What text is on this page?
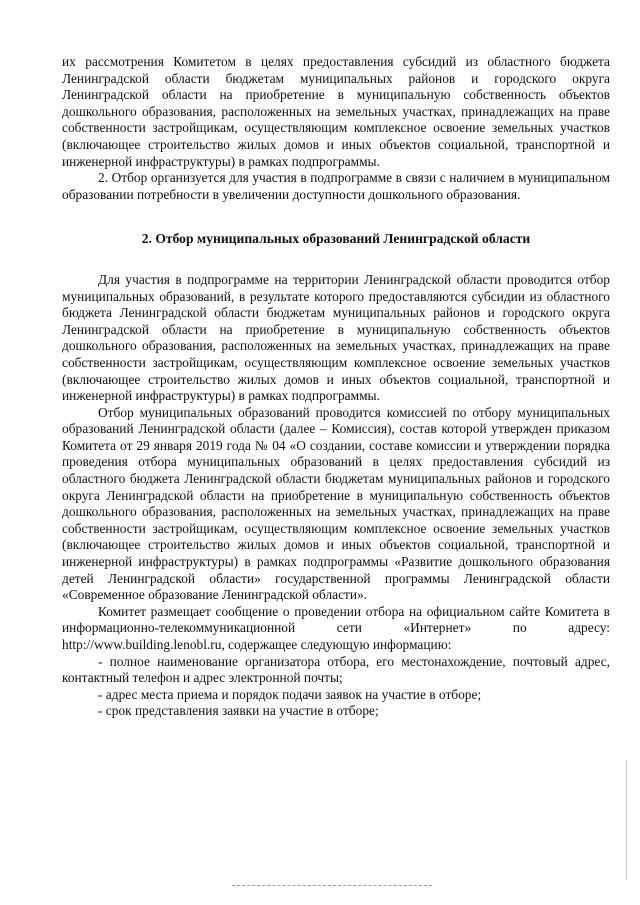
их рассмотрения Комитетом в целях предоставления субсидий из областного бюджета Ленинградской области бюджетам муниципальных районов и городского округа Ленинградской области на приобретение в муниципальную собственность объектов дошкольного образования, расположенных на земельных участках, принадлежащих на праве собственности застройщикам, осуществляющим комплексное освоение земельных участков (включающее строительство жилых домов и иных объектов социальной, транспортной и инженерной инфраструктуры) в рамках подпрограммы.

2. Отбор организуется для участия в подпрограмме в связи с наличием в муниципальном образовании потребности в увеличении доступности дошкольного образования.

2. Отбор муниципальных образований Ленинградской области

Для участия в подпрограмме на территории Ленинградской области проводится отбор муниципальных образований, в результате которого предоставляются субсидии из областного бюджета Ленинградской области бюджетам муниципальных районов и городского округа Ленинградской области на приобретение в муниципальную собственность объектов дошкольного образования, расположенных на земельных участках, принадлежащих на праве собственности застройщикам, осуществляющим комплексное освоение земельных участков (включающее строительство жилых домов и иных объектов социальной, транспортной и инженерной инфраструктуры) в рамках подпрограммы.

Отбор муниципальных образований проводится комиссией по отбору муниципальных образований Ленинградской области (далее – Комиссия), состав которой утвержден приказом Комитета от 29 января 2019 года № 04 «О создании, составе комиссии и утверждении порядка проведения отбора муниципальных образований в целях предоставления субсидий из областного бюджета Ленинградской области бюджетам муниципальных районов и городского округа Ленинградской области на приобретение в муниципальную собственность объектов дошкольного образования, расположенных на земельных участках, принадлежащих на праве собственности застройщикам, осуществляющим комплексное освоение земельных участков (включающее строительство жилых домов и иных объектов социальной, транспортной и инженерной инфраструктуры) в рамках подпрограммы «Развитие дошкольного образования детей Ленинградской области» государственной программы Ленинградской области «Современное образование Ленинградской области».

Комитет размещает сообщение о проведении отбора на официальном сайте Комитета в информационно-телекоммуникационной сети «Интернет» по адресу: http://www.building.lenobl.ru, содержащее следующую информацию:

- полное наименование организатора отбора, его местонахождение, почтовый адрес, контактный телефон и адрес электронной почты;

- адрес места приема и порядок подачи заявок на участие в отборе;

- срок представления заявки на участие в отборе;
